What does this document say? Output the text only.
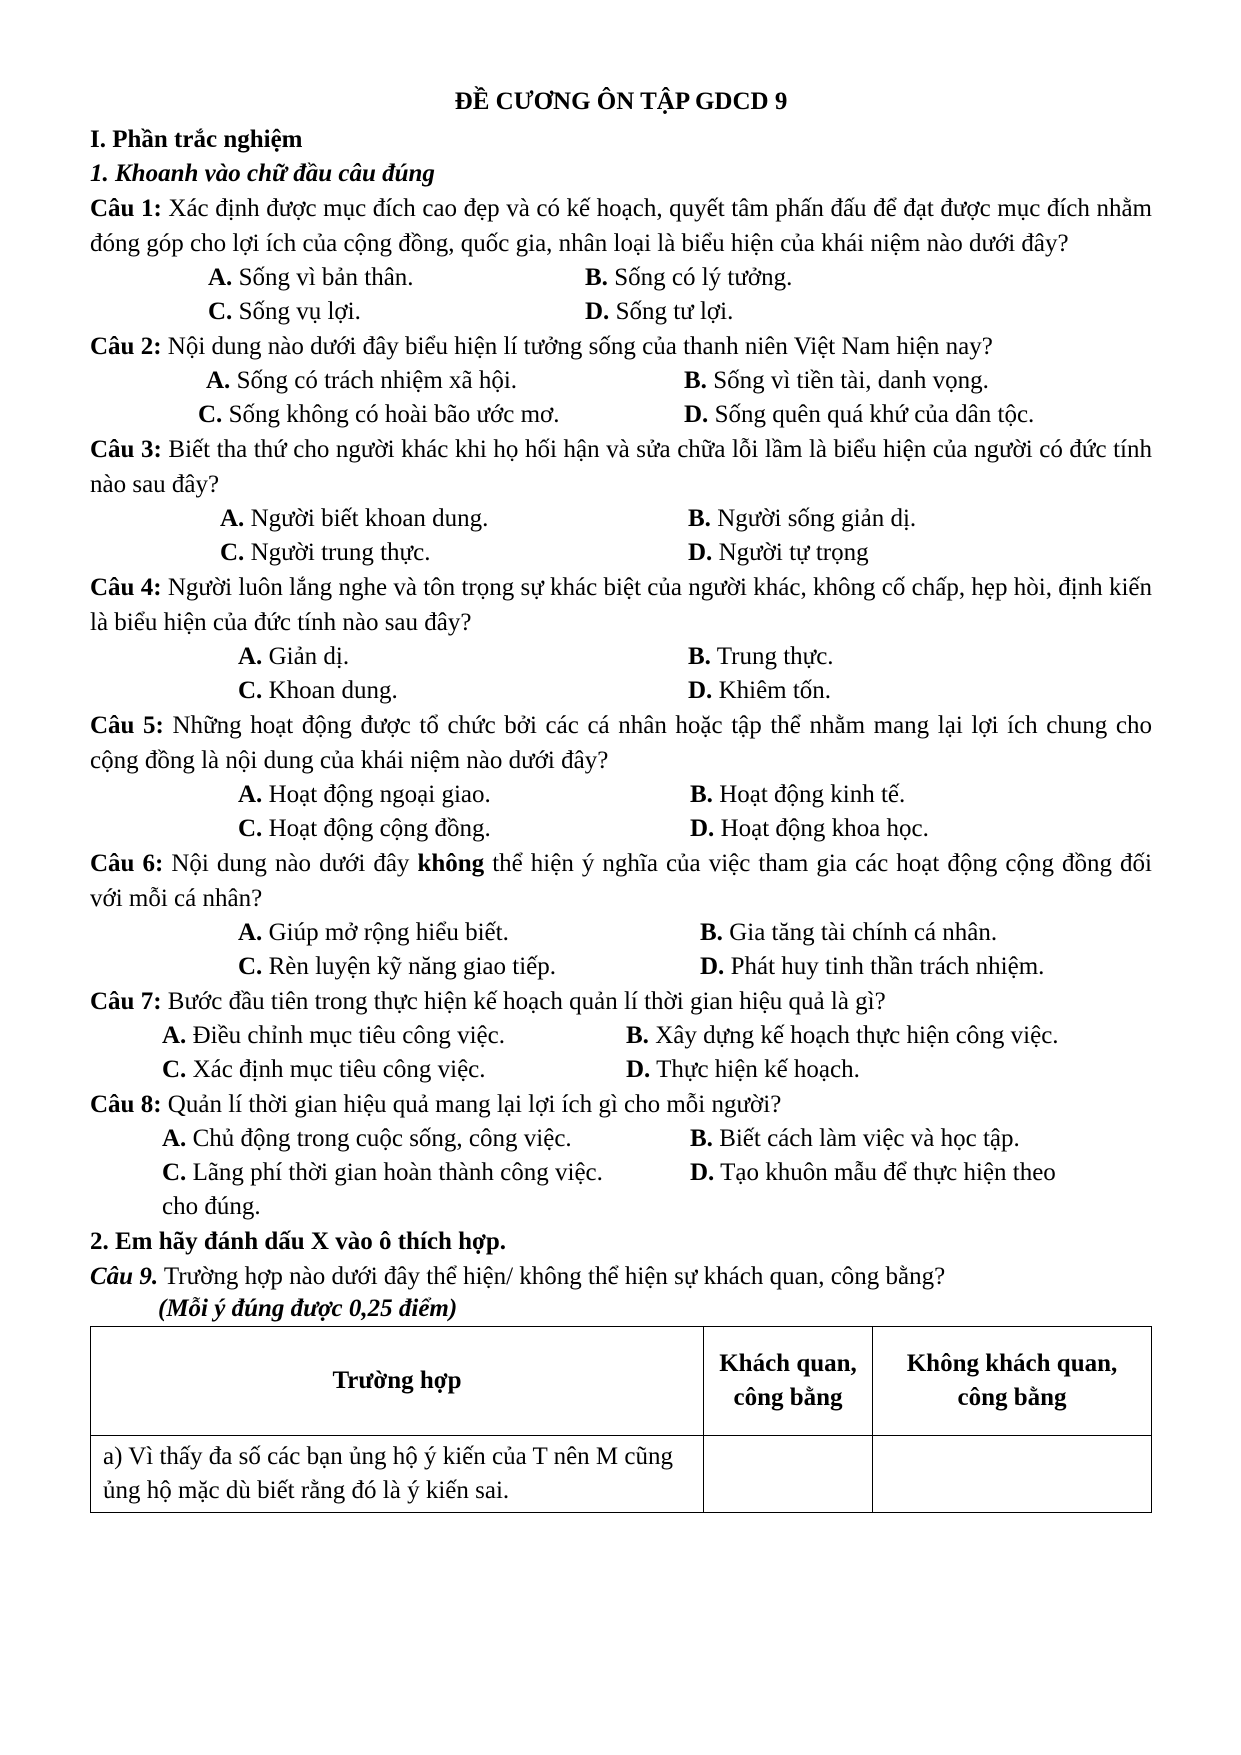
ĐỀ CƯƠNG ÔN TẬP GDCD 9
I. Phần trắc nghiệm
1. Khoanh vào chữ đầu câu đúng
Câu 1: Xác định được mục đích cao đẹp và có kế hoạch, quyết tâm phấn đấu để đạt được mục đích nhằm đóng góp cho lợi ích của cộng đồng, quốc gia, nhân loại là biểu hiện của khái niệm nào dưới đây?
A. Sống vì bản thân.	B. Sống có lý tưởng.
C. Sống vụ lợi.	D. Sống tư lợi.
Câu 2: Nội dung nào dưới đây biểu hiện lí tưởng sống của thanh niên Việt Nam hiện nay?
A. Sống có trách nhiệm xã hội.	B. Sống vì tiền tài, danh vọng.
C. Sống không có hoài bão ước mơ.	D. Sống quên quá khứ của dân tộc.
Câu 3: Biết tha thứ cho người khác khi họ hối hận và sửa chữa lỗi lầm là biểu hiện của người có đức tính nào sau đây?
A. Người biết khoan dung.	B. Người sống giản dị.
C. Người trung thực.	D. Người tự trọng
Câu 4: Người luôn lắng nghe và tôn trọng sự khác biệt của người khác, không cố chấp, hẹp hòi, định kiến là biểu hiện của đức tính nào sau đây?
A. Giản dị.	B. Trung thực.
C. Khoan dung.	D. Khiêm tốn.
Câu 5: Những hoạt động được tổ chức bởi các cá nhân hoặc tập thể nhằm mang lại lợi ích chung cho cộng đồng là nội dung của khái niệm nào dưới đây?
A. Hoạt động ngoại giao.	B. Hoạt động kinh tế.
C. Hoạt động cộng đồng.	D. Hoạt động khoa học.
Câu 6: Nội dung nào dưới đây không thể hiện ý nghĩa của việc tham gia các hoạt động cộng đồng đối với mỗi cá nhân?
A. Giúp mở rộng hiểu biết.	B. Gia tăng tài chính cá nhân.
C. Rèn luyện kỹ năng giao tiếp.	D. Phát huy tinh thần trách nhiệm.
Câu 7: Bước đầu tiên trong thực hiện kế hoạch quản lí thời gian hiệu quả là gì?
A. Điều chỉnh mục tiêu công việc.	B. Xây dựng kế hoạch thực hiện công việc.
C. Xác định mục tiêu công việc.	D. Thực hiện kế hoạch.
Câu 8: Quản lí thời gian hiệu quả mang lại lợi ích gì cho mỗi người?
A. Chủ động trong cuộc sống, công việc.	B. Biết cách làm việc và học tập.
C. Lãng phí thời gian hoàn thành công việc.	D. Tạo khuôn mẫu để thực hiện theo
cho đúng.
2. Em hãy đánh dấu X vào ô thích hợp.
Câu 9. Trường hợp nào dưới đây thể hiện/ không thể hiện sự khách quan, công bằng?
(Mỗi ý đúng được 0,25 điểm)
Trường hợp	Khách quan, công bằng	Không khách quan, công bằng
a) Vì thấy đa số các bạn ủng hộ ý kiến của T nên M cũng ủng hộ mặc dù biết rằng đó là ý kiến sai.		
